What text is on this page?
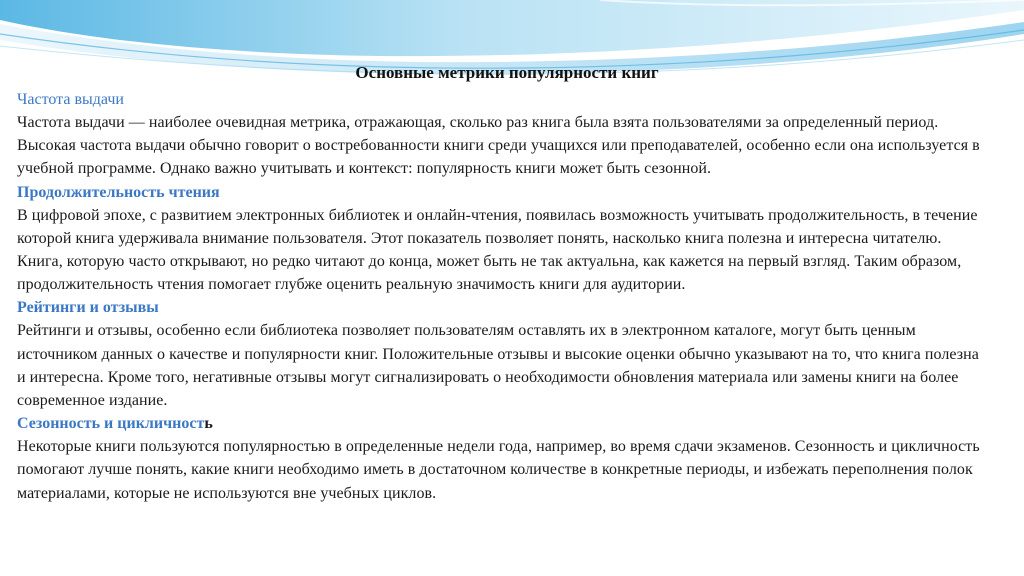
Основные метрики популярности книг
Частота выдачи
Частота выдачи — наиболее очевидная метрика, отражающая, сколько раз книга была взята пользователями за определенный период. Высокая частота выдачи обычно говорит о востребованности книги среди учащихся или преподавателей, особенно если она используется в учебной программе. Однако важно учитывать и контекст: популярность книги может быть сезонной.
Продолжительность чтения
В цифровой эпохе, с развитием электронных библиотек и онлайн-чтения, появилась возможность учитывать продолжительность, в течение которой книга удерживала внимание пользователя. Этот показатель позволяет понять, насколько книга полезна и интересна читателю. Книга, которую часто открывают, но редко читают до конца, может быть не так актуальна, как кажется на первый взгляд. Таким образом, продолжительность чтения помогает глубже оценить реальную значимость книги для аудитории.
Рейтинги и отзывы
Рейтинги и отзывы, особенно если библиотека позволяет пользователям оставлять их в электронном каталоге, могут быть ценным источником данных о качестве и популярности книг. Положительные отзывы и высокие оценки обычно указывают на то, что книга полезна и интересна. Кроме того, негативные отзывы могут сигнализировать о необходимости обновления материала или замены книги на более современное издание.
Сезонность и цикличность
Некоторые книги пользуются популярностью в определенные недели года, например, во время сдачи экзаменов. Сезонность и цикличность помогают лучше понять, какие книги необходимо иметь в достаточном количестве в конкретные периоды, и избежать переполнения полок материалами, которые не используются вне учебных циклов.
